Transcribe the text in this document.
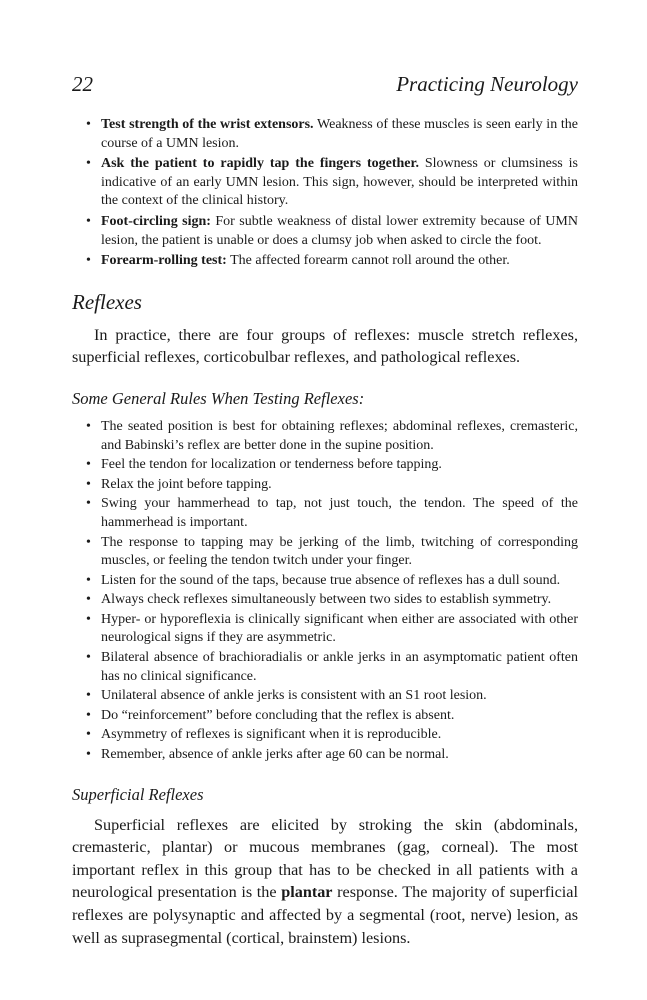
22	Practicing Neurology
• Test strength of the wrist extensors. Weakness of these muscles is seen early in the course of a UMN lesion.
• Ask the patient to rapidly tap the fingers together. Slowness or clumsiness is indicative of an early UMN lesion. This sign, however, should be interpreted within the context of the clinical history.
• Foot-circling sign: For subtle weakness of distal lower extremity because of UMN lesion, the patient is unable or does a clumsy job when asked to circle the foot.
• Forearm-rolling test: The affected forearm cannot roll around the other.
Reflexes

In practice, there are four groups of reflexes: muscle stretch reflexes, superficial reflexes, corticobulbar reflexes, and pathological reflexes.

Some General Rules When Testing Reflexes:
• The seated position is best for obtaining reflexes; abdominal reflexes, cremasteric, and Babinski’s reflex are better done in the supine position.
• Feel the tendon for localization or tenderness before tapping.
• Relax the joint before tapping.
• Swing your hammerhead to tap, not just touch, the tendon. The speed of the hammerhead is important.
• The response to tapping may be jerking of the limb, twitching of corresponding muscles, or feeling the tendon twitch under your finger.
• Listen for the sound of the taps, because true absence of reflexes has a dull sound.
• Always check reflexes simultaneously between two sides to establish symmetry.
• Hyper- or hyporeflexia is clinically significant when either are associated with other neurological signs if they are asymmetric.
• Bilateral absence of brachioradialis or ankle jerks in an asymptomatic patient often has no clinical significance.
• Unilateral absence of ankle jerks is consistent with an S1 root lesion.
• Do “reinforcement” before concluding that the reflex is absent.
• Asymmetry of reflexes is significant when it is reproducible.
• Remember, absence of ankle jerks after age 60 can be normal.
Superficial Reflexes

Superficial reflexes are elicited by stroking the skin (abdominals, cremasteric, plantar) or mucous membranes (gag, corneal). The most important reflex in this group that has to be checked in all patients with a neurological presentation is the plantar response. The majority of superficial reflexes are polysynaptic and affected by a segmental (root, nerve) lesion, as well as suprasegmental (cortical, brainstem) lesions.
